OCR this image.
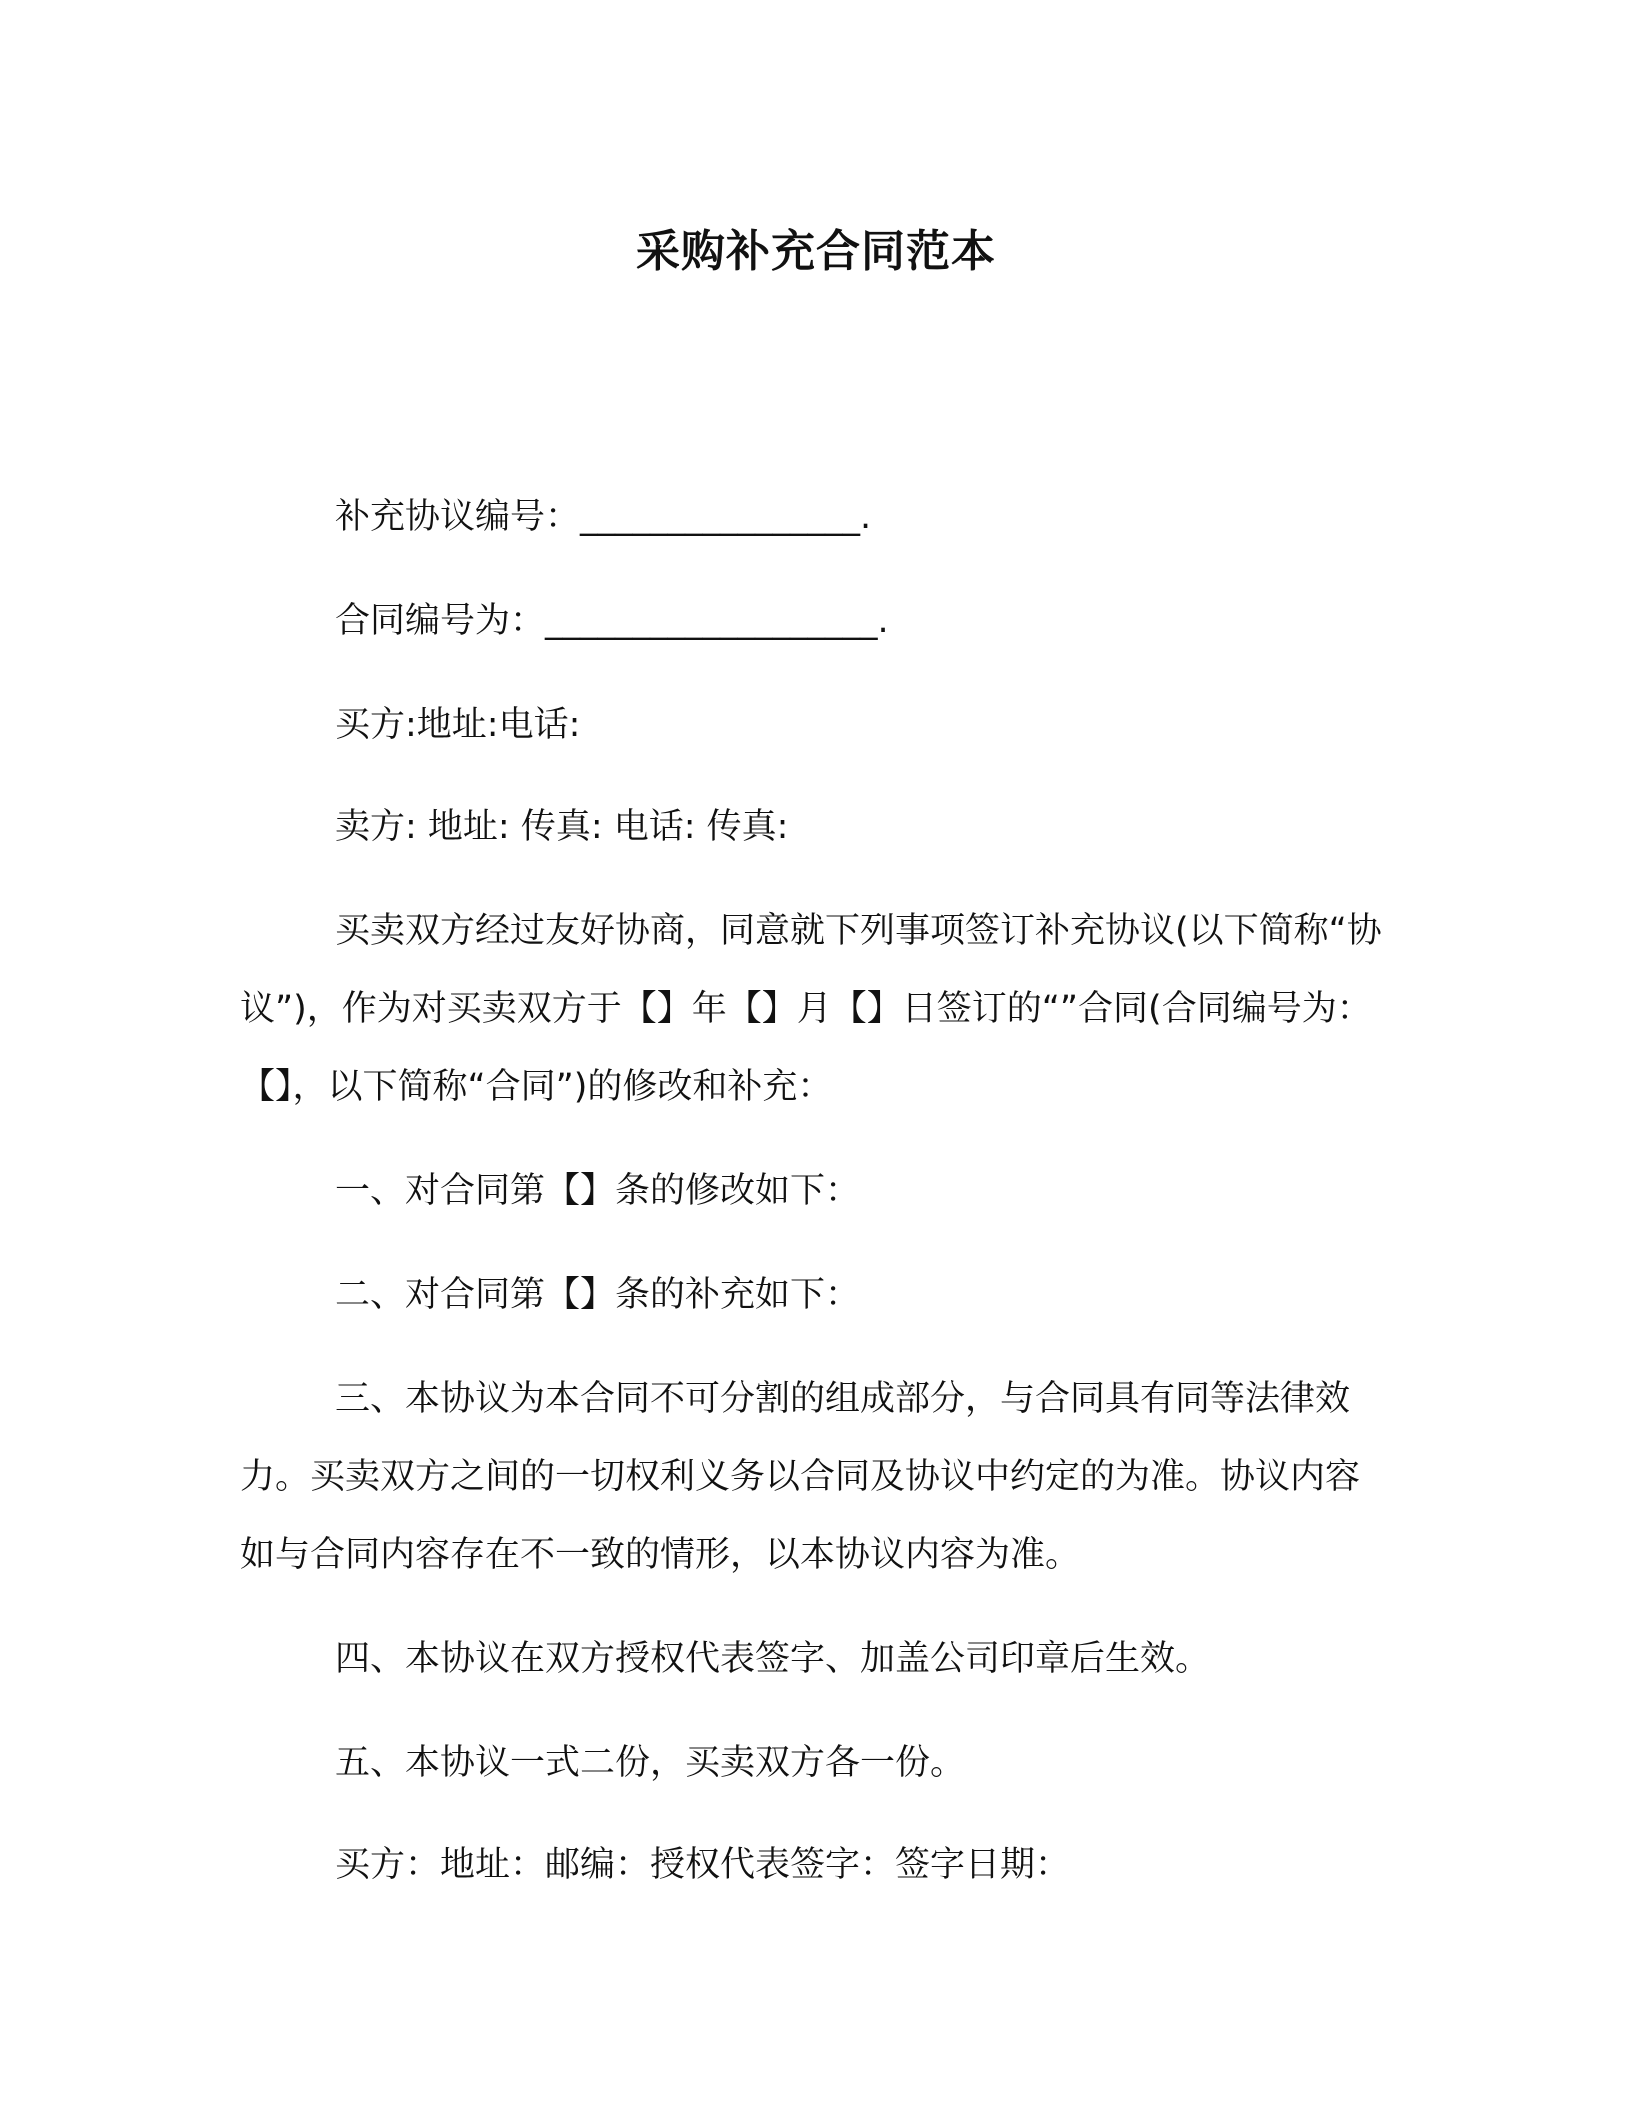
采购补充合同范本
补充协议编号：________________.
合同编号为：___________________.
买方:地址:电话:
卖方: 地址: 传真: 电话: 传真:
买卖双方经过友好协商，同意就下列事项签订补充协议(以下简称“协议”)，作为对买卖双方于【】年【】月【】日签订的“”合同(合同编号为：【】，以下简称“合同”)的修改和补充：
一、对合同第【】条的修改如下：
二、对合同第【】条的补充如下：
三、本协议为本合同不可分割的组成部分，与合同具有同等法律效力。买卖双方之间的一切权利义务以合同及协议中约定的为准。协议内容如与合同内容存在不一致的情形，以本协议内容为准。
四、本协议在双方授权代表签字、加盖公司印章后生效。
五、本协议一式二份，买卖双方各一份。
买方：地址：邮编：授权代表签字：签字日期：
